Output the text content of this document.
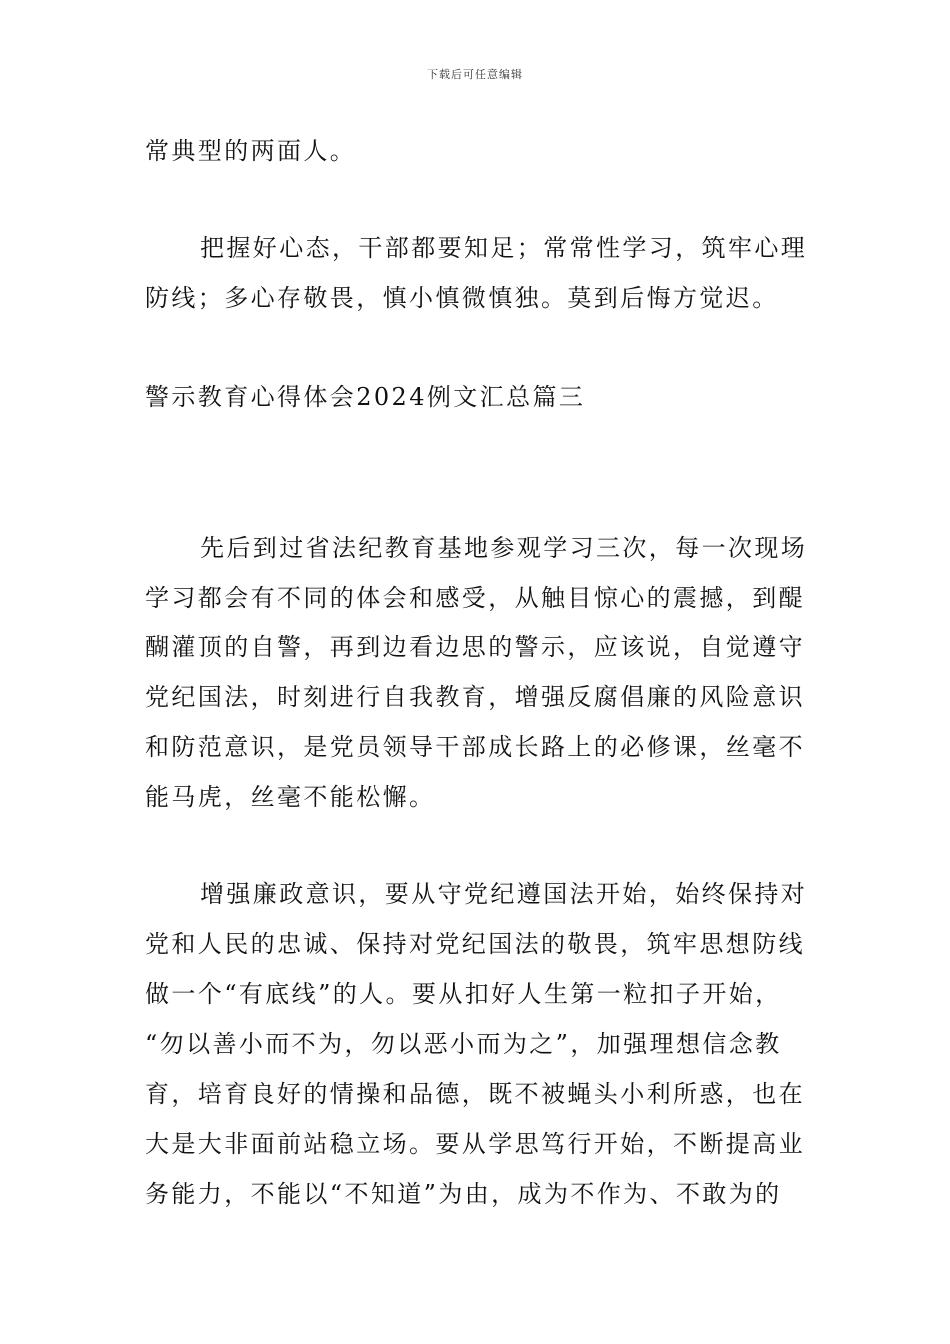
下载后可任意编辑
常典型的两面人。
把握好心态，干部都要知足；常常性学习，筑牢心理
防线；多心存敬畏，慎小慎微慎独。莫到后悔方觉迟。
警示教育心得体会2024例文汇总篇三
先后到过省法纪教育基地参观学习三次，每一次现场
学习都会有不同的体会和感受，从触目惊心的震撼，到醍
醐灌顶的自警，再到边看边思的警示，应该说，自觉遵守
党纪国法，时刻进行自我教育，增强反腐倡廉的风险意识
和防范意识，是党员领导干部成长路上的必修课，丝毫不
能马虎，丝毫不能松懈。
增强廉政意识，要从守党纪遵国法开始，始终保持对
党和人民的忠诚、保持对党纪国法的敬畏，筑牢思想防线
做一个“有底线”的人。要从扣好人生第一粒扣子开始，
“勿以善小而不为，勿以恶小而为之”，加强理想信念教
育，培育良好的情操和品德，既不被蝇头小利所惑，也在
大是大非面前站稳立场。要从学思笃行开始，不断提高业
务能力，不能以“不知道”为由，成为不作为、不敢为的
